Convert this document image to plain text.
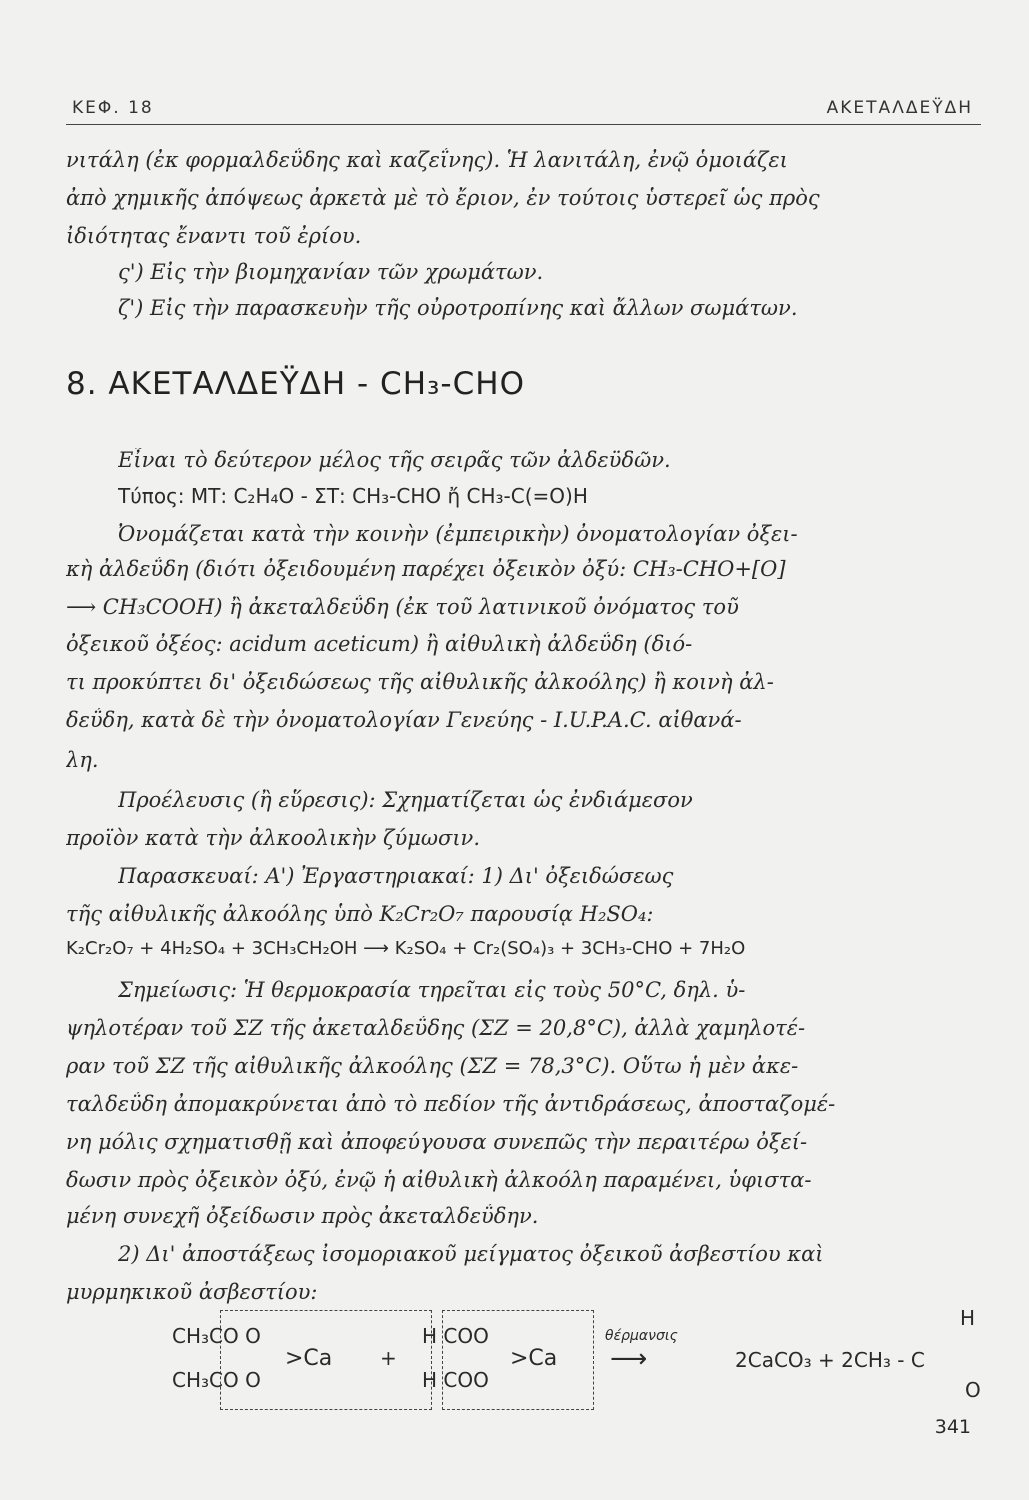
ΚΕΦ. 18	ΑΚΕΤΑΛΔΕΫΔΗ
νιτάλη (ἐκ φορμαλδεΰδης καὶ καζεΐνης). Ἡ λανιτάλη, ἐνῷ ὁμοιάζει
ἀπὸ χημικῆς ἀπόψεως ἀρκετὰ μὲ τὸ ἔριον, ἐν τούτοις ὑστερεῖ ὡς πρὸς
ἰδιότητας ἔναντι τοῦ ἐρίου.
ς') Εἰς τὴν βιομηχανίαν τῶν χρωμάτων.
ζ') Εἰς τὴν παρασκευὴν τῆς οὐροτροπίνης καὶ ἄλλων σωμάτων.
8. ΑΚΕΤΑΛΔΕΫΔΗ - CH₃-CHO
Εἶναι τὸ δεύτερον μέλος τῆς σειρᾶς τῶν ἀλδεϋδῶν.
Τύπος: ΜΤ: C₂H₄O - ΣΤ: CH₃-CHO ἤ CH₃-C(=O)H
Ὀνομάζεται κατὰ τὴν κοινὴν (ἐμπειρικὴν) ὀνοματολογίαν ὀξει-
κὴ ἀλδεΰδη (διότι ὀξειδουμένη παρέχει ὀξεικὸν ὀξύ: CH₃-CHO+[O]
⟶ CH₃COOH) ἢ ἀκεταλδεΰδη (ἐκ τοῦ λατινικοῦ ὀνόματος τοῦ
ὀξεικοῦ ὀξέος: acidum aceticum) ἢ αἰθυλικὴ ἀλδεΰδη (διό-
τι προκύπτει δι' ὀξειδώσεως τῆς αἰθυλικῆς ἀλκοόλης) ἢ κοινὴ ἀλ-
δεΰδη, κατὰ δὲ τὴν ὀνοματολογίαν Γενεύης - I.U.P.A.C. αἰθανά-
λη.
Προέλευσις (ἢ εὕρεσις): Σχηματίζεται ὡς ἐνδιάμεσον
προϊὸν κατὰ τὴν ἀλκοολικὴν ζύμωσιν.
Παρασκευαί: Α') Ἐργαστηριακαί: 1) Δι' ὀξειδώσεως
τῆς αἰθυλικῆς ἀλκοόλης ὑπὸ K₂Cr₂O₇ παρουσίᾳ H₂SO₄:
K₂Cr₂O₇ + 4H₂SO₄ + 3CH₃CH₂OH ⟶ K₂SO₄ + Cr₂(SO₄)₃ + 3CH₃-CHO + 7H₂O
Σημείωσις: Ἡ θερμοκρασία τηρεῖται εἰς τοὺς 50°C, δηλ. ὑ-
ψηλοτέραν τοῦ ΣΖ τῆς ἀκεταλδεΰδης (ΣΖ = 20,8°C), ἀλλὰ χαμηλοτέ-
ραν τοῦ ΣΖ τῆς αἰθυλικῆς ἀλκοόλης (ΣΖ = 78,3°C). Οὕτω ἡ μὲν ἀκε-
ταλδεΰδη ἀπομακρύνεται ἀπὸ τὸ πεδίον τῆς ἀντιδράσεως, ἀποσταζομέ-
νη μόλις σχηματισθῇ καὶ ἀποφεύγουσα συνεπῶς τὴν περαιτέρω ὀξεί-
δωσιν πρὸς ὀξεικὸν ὀξύ, ἐνῷ ἡ αἰθυλικὴ ἀλκοόλη παραμένει, ὑφιστα-
μένη συνεχῆ ὀξείδωσιν πρὸς ἀκεταλδεΰδην.
2) Δι' ἀποστάξεως ἰσομοριακοῦ μείγματος ὀξεικοῦ ἀσβεστίου καὶ
μυρμηκικοῦ ἀσβεστίου:
CH₃CO O
CH₃CO O
>Ca +
H COO
H COO
>Ca
θέρμανσις
⟶	2CaCO₃ + 2CH₃ - C
H
O
341
